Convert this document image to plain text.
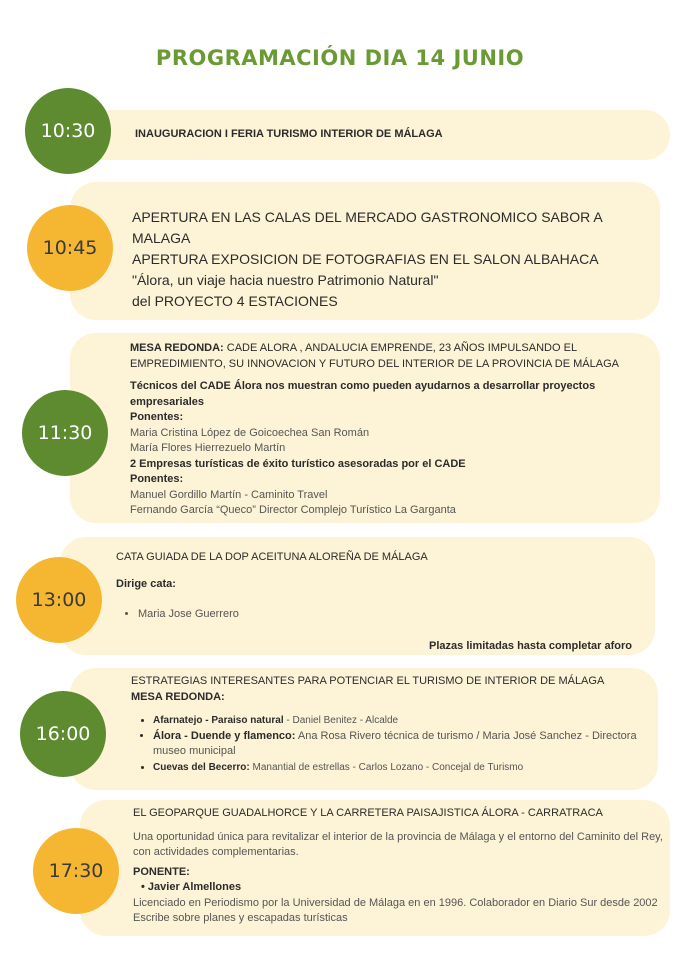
PROGRAMACIÓN DIA 14 JUNIO
10:30	INAUGURACION I FERIA TURISMO INTERIOR DE MÁLAGA
10:45

APERTURA EN LAS CALAS DEL MERCADO GASTRONOMICO SABOR A MALAGA

APERTURA EXPOSICION DE FOTOGRAFIAS EN EL SALON ALBAHACA

"Álora, un viaje hacia nuestro Patrimonio Natural"

del PROYECTO 4 ESTACIONES

11:30

MESA REDONDA: CADE ALORA , ANDALUCIA EMPRENDE, 23 AÑOS IMPULSANDO EL EMPREDIMIENTO, SU INNOVACION Y FUTURO DEL INTERIOR DE LA PROVINCIA DE MÁLAGA

Técnicos del CADE Álora nos muestran como pueden ayudarnos a desarrollar proyectos empresariales

Ponentes:

Maria Cristina López de Goicoechea San Román

María Flores Hierrezuelo Martín

2 Empresas turísticas de éxito turístico asesoradas por el CADE

Ponentes:

Manuel Gordillo Martín - Caminito Travel

Fernando García “Queco” Director Complejo Turístico La Garganta

13:00
CATA GUIADA DE LA DOP ACEITUNA ALOREÑA DE MÁLAGA
Dirige cata:
• Maria Jose Guerrero
Plazas limitadas hasta completar aforo
16:00

ESTRATEGIAS INTERESANTES PARA POTENCIAR EL TURISMO DE INTERIOR DE MÁLAGA

MESA REDONDA:

• Afarnatejo - Paraiso natural - Daniel Benitez - Alcalde
• Álora - Duende y flamenco: Ana Rosa Rivero técnica de turismo / Maria José Sanchez - Directora museo municipal
• Cuevas del Becerro: Manantial de estrellas - Carlos Lozano - Concejal de Turismo
17:30

EL GEOPARQUE GUADALHORCE Y LA CARRETERA PAISAJISTICA ÁLORA - CARRATRACA

Una oportunidad única para revitalizar el interior de la provincia de Málaga y el entorno del Caminito del Rey, con actividades complementarias.

PONENTE:

• Javier Almellones

Licenciado en Periodismo por la Universidad de Málaga en en 1996. Colaborador en Diario Sur desde 2002

Escribe sobre planes y escapadas turísticas
